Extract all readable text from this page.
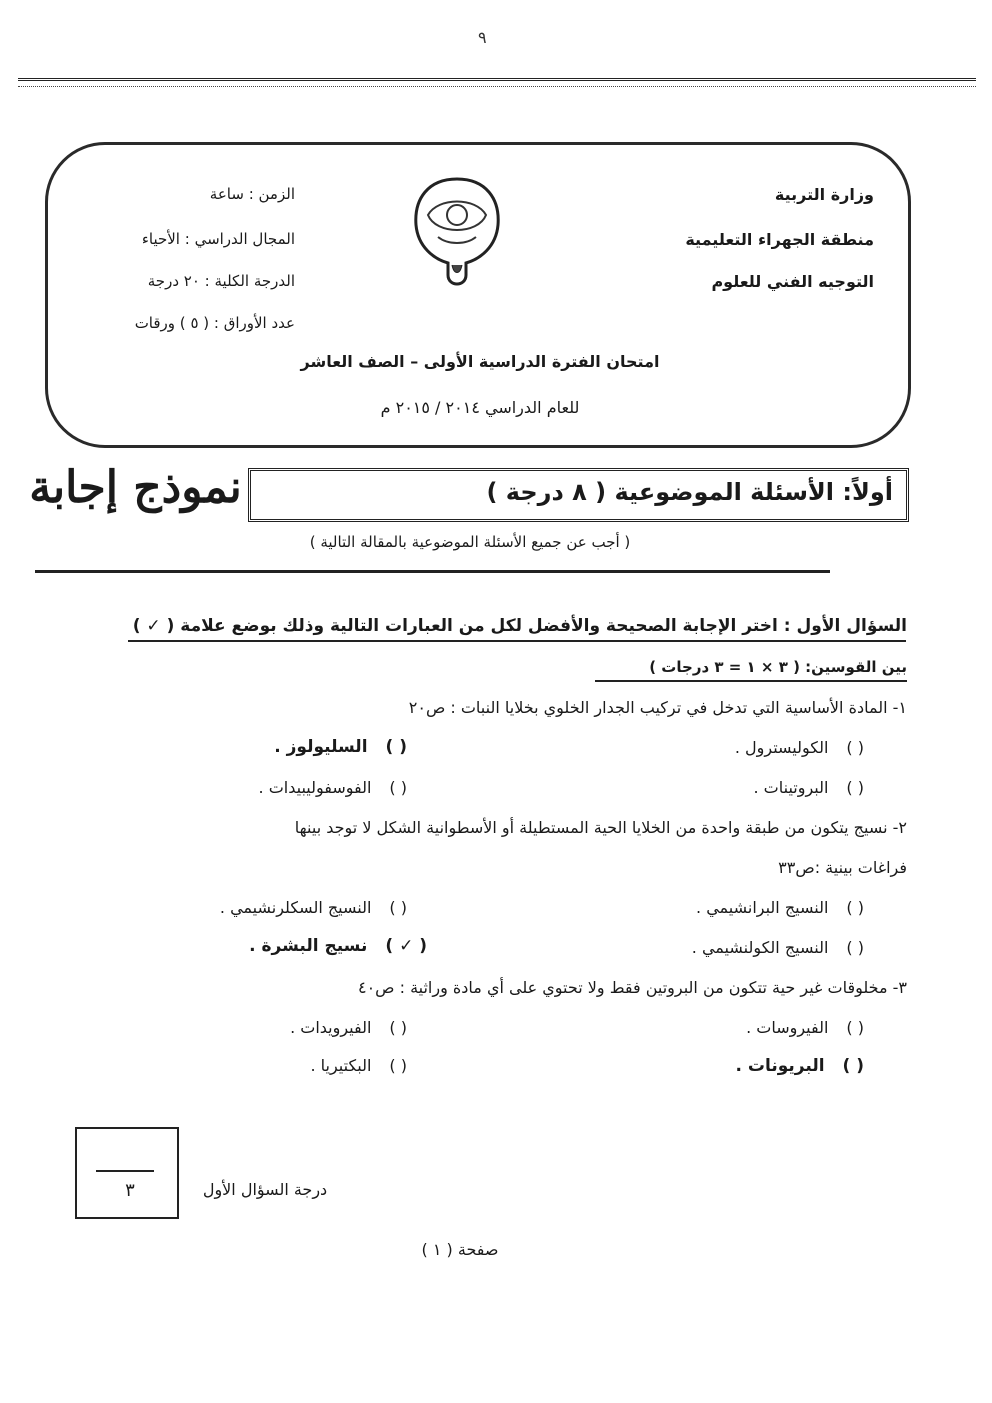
٩
وزارة التربية
منطقة الجهراء التعليمية
التوجيه الفني للعلوم
الزمن : ساعة
المجال الدراسي : الأحياء
الدرجة الكلية : ٢٠ درجة
عدد الأوراق : ( ٥ ) ورقات
امتحان الفترة الدراسية الأولى – الصف العاشر
للعام الدراسي ٢٠١٤ / ٢٠١٥ م
نموذج إجابة	أولاً: الأسئلة الموضوعية ( ٨ درجة )
( أجب عن جميع الأسئلة الموضوعية بالمقالة التالية )
السؤال الأول : اختر الإجابة الصحيحة والأفضل لكل من العبارات التالية وذلك بوضع علامة ( ✓ )
بين القوسين: ( ٣ × ١ = ٣ درجات )
١- المادة الأساسية التي تدخل في تركيب الجدار الخلوي بخلايا النبات : ص٢٠
( )الكوليسترول .
( )السليولوز .
( )البروتينات .
( )الفوسفوليبيدات .
٢- نسيج يتكون من طبقة واحدة من الخلايا الحية المستطيلة أو الأسطوانية الشكل لا توجد بينها
فراغات بينية :ص٣٣
( )النسيج البرانشيمي .
( )النسيج السكلرنشيمي .
( )النسيج الكولنشيمي .
( ✓ )نسيج البشرة .
٣- مخلوقات غير حية تتكون من البروتين فقط ولا تحتوي على أي مادة وراثية : ص٤٠
( )الفيروسات .
( )الفيرويدات .
( )البريونات .
( )البكتيريا .
٣	درجة السؤال الأول
صفحة ( ١ )
